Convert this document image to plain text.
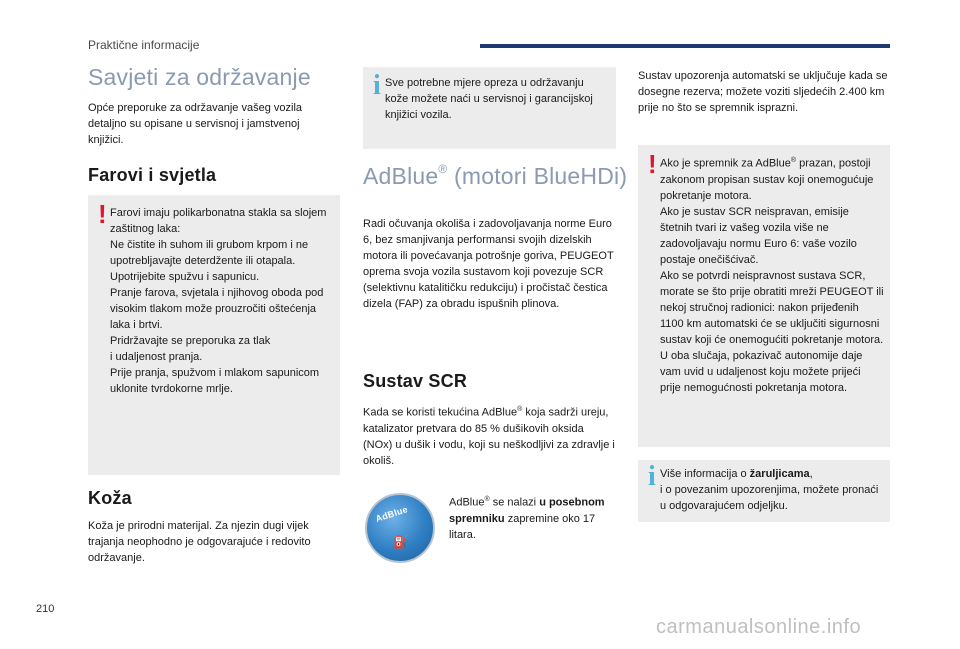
Praktične informacije
Savjeti za održavanje
Opće preporuke za održavanje vašeg vozila detaljno su opisane u servisnoj i jamstvenoj knjižici.
Farovi i svjetla
! Farovi imaju polikarbonatna stakla sa slojem zaštitnog laka:
Ne čistite ih suhom ili grubom krpom i ne upotrebljavajte deterdžente ili otapala.
Upotrijebite spužvu i sapunicu.
Pranje farova, svjetala i njihovog oboda pod visokim tlakom može prouzročiti oštećenja laka i brtvi.
Pridržavajte se preporuka za tlak
i udaljenost pranja.
Prije pranja, spužvom i mlakom sapunicom uklonite tvrdokorne mrlje.
Koža
Koža je prirodni materijal. Za njezin dugi vijek trajanja neophodno je odgovarajuće i redovito održavanje.
i Sve potrebne mjere opreza u održavanju kože možete naći u servisnoj i garancijskoj knjižici vozila.
AdBlue® (motori BlueHDi)
Radi očuvanja okoliša i zadovoljavanja norme Euro 6, bez smanjivanja performansi svojih dizelskih motora ili povećavanja potrošnje goriva, PEUGEOT oprema svoja vozila sustavom koji povezuje SCR (selektivnu katalitičku redukciju) i pročistač čestica dizela (FAP) za obradu ispušnih plinova.
Sustav SCR
Kada se koristi tekućina AdBlue® koja sadrži ureju, katalizator pretvara do 85 % dušikovih oksida (NOx) u dušik i vodu, koji su neškodljivi za zdravlje i okoliš.
AdBlue
⛽
AdBlue® se nalazi u posebnom spremniku zapremine oko 17 litara.
Sustav upozorenja automatski se uključuje kada se dosegne rezerva; možete voziti sljedećih 2.400 km prije no što se spremnik isprazni.
! Ako je spremnik za AdBlue® prazan, postoji zakonom propisan sustav koji onemogućuje pokretanje motora.
Ako je sustav SCR neispravan, emisije štetnih tvari iz vašeg vozila više ne zadovoljavaju normu Euro 6: vaše vozilo postaje onečišćivač.
Ako se potvrdi neispravnost sustava SCR, morate se što prije obratiti mreži PEUGEOT ili nekoj stručnoj radionici: nakon prijeđenih 1100 km automatski će se uključiti sigurnosni sustav koji će onemogućiti pokretanje motora.
U oba slučaja, pokazivač autonomije daje vam uvid u udaljenost koju možete prijeći prije nemogućnosti pokretanja motora.
i Više informacija o žaruljicama,
i o povezanim upozorenjima, možete pronaći u odgovarajućem odjeljku.
210
carmanualsonline.info
